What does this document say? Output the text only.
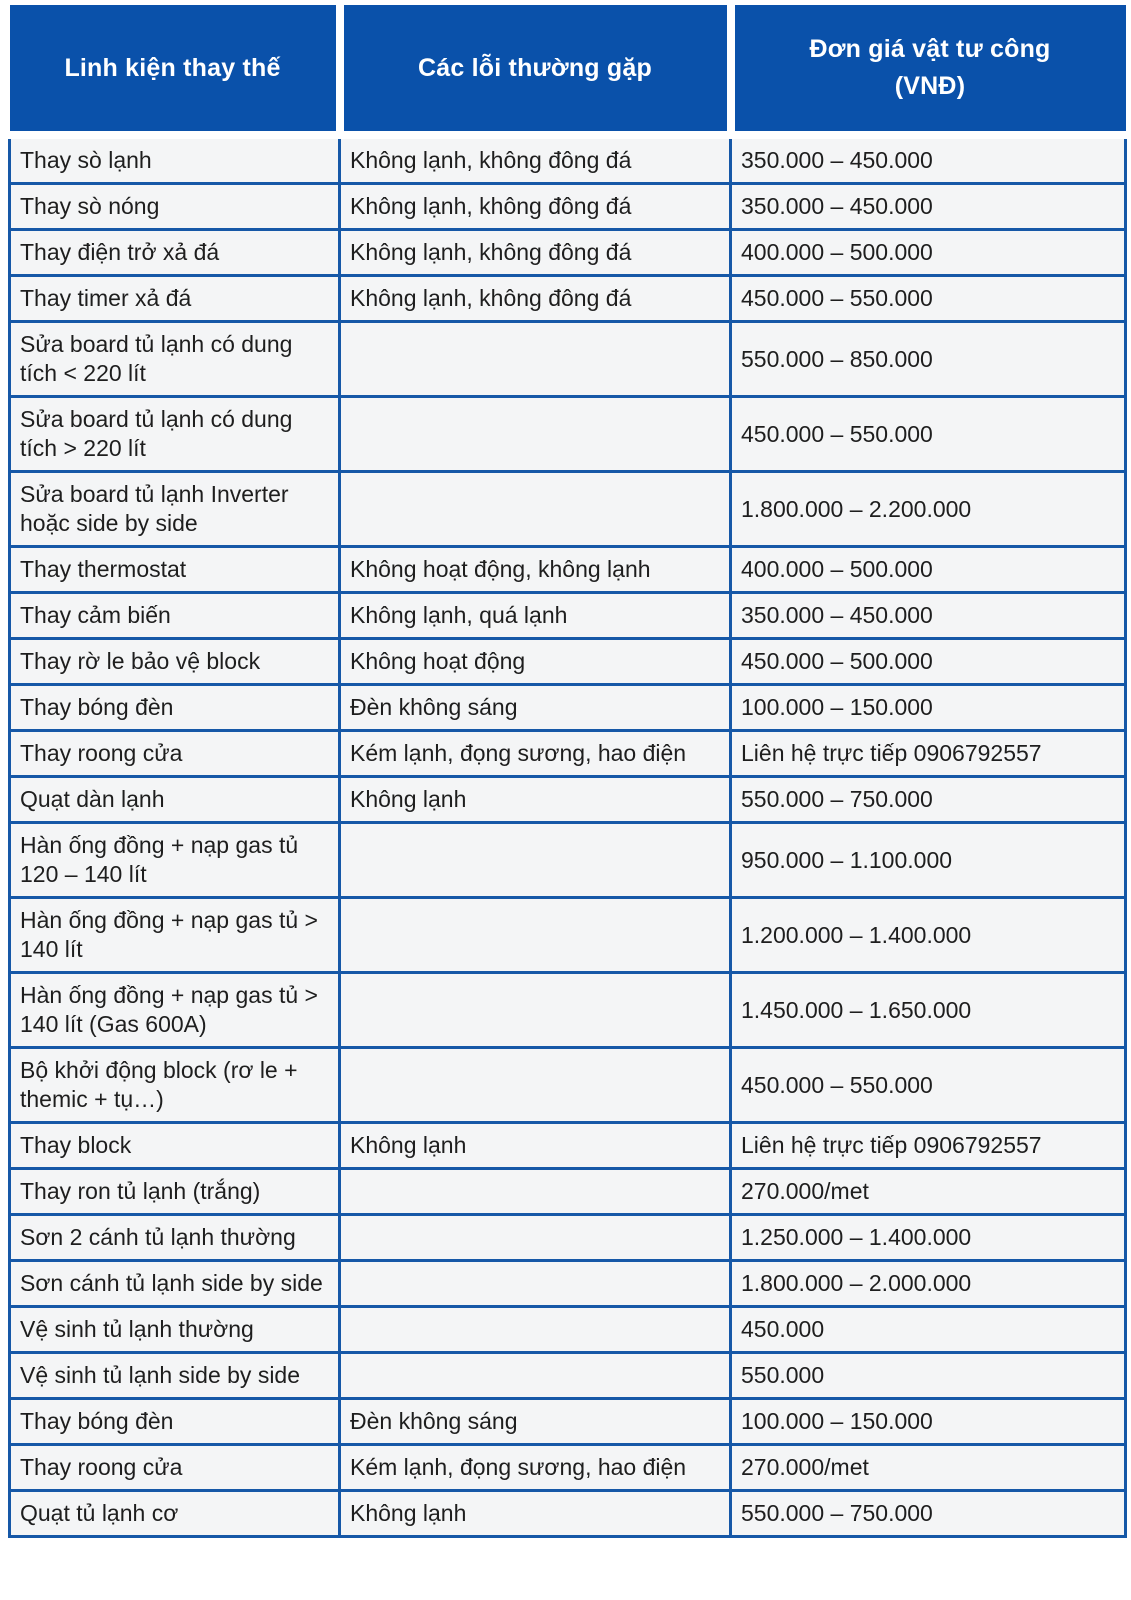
Linh kiện thay thế	Các lỗi thường gặp	Đơn giá vật tư công
(VNĐ)

Thay sò lạnh	Không lạnh, không đông đá	350.000 – 450.000
Thay sò nóng	Không lạnh, không đông đá	350.000 – 450.000
Thay điện trở xả đá	Không lạnh, không đông đá	400.000 – 500.000
Thay timer xả đá	Không lạnh, không đông đá	450.000 – 550.000
Sửa board tủ lạnh có dung tích < 220 lít		550.000 – 850.000
Sửa board tủ lạnh có dung tích > 220 lít		450.000 – 550.000
Sửa board tủ lạnh Inverter hoặc side by side		1.800.000 – 2.200.000
Thay thermostat	Không hoạt động, không lạnh	400.000 – 500.000
Thay cảm biến	Không lạnh, quá lạnh	350.000 – 450.000
Thay rờ le bảo vệ block	Không hoạt động	450.000 – 500.000
Thay bóng đèn	Đèn không sáng	100.000 – 150.000
Thay roong cửa	Kém lạnh, đọng sương, hao điện	Liên hệ trực tiếp 0906792557
Quạt dàn lạnh	Không lạnh	550.000 – 750.000
Hàn ống đồng + nạp gas tủ 120 – 140 lít		950.000 – 1.100.000
Hàn ống đồng + nạp gas tủ > 140 lít		1.200.000 – 1.400.000
Hàn ống đồng + nạp gas tủ > 140 lít (Gas 600A)		1.450.000 – 1.650.000
Bộ khởi động block (rơ le + themic + tụ…)		450.000 – 550.000
Thay block	Không lạnh	Liên hệ trực tiếp 0906792557
Thay ron tủ lạnh (trắng)		270.000/met
Sơn 2 cánh tủ lạnh thường		1.250.000 – 1.400.000
Sơn cánh tủ lạnh side by side		1.800.000 – 2.000.000
Vệ sinh tủ lạnh thường		450.000
Vệ sinh tủ lạnh side by side		550.000
Thay bóng đèn	Đèn không sáng	100.000 – 150.000
Thay roong cửa	Kém lạnh, đọng sương, hao điện	270.000/met
Quạt tủ lạnh cơ	Không lạnh	550.000 – 750.000
